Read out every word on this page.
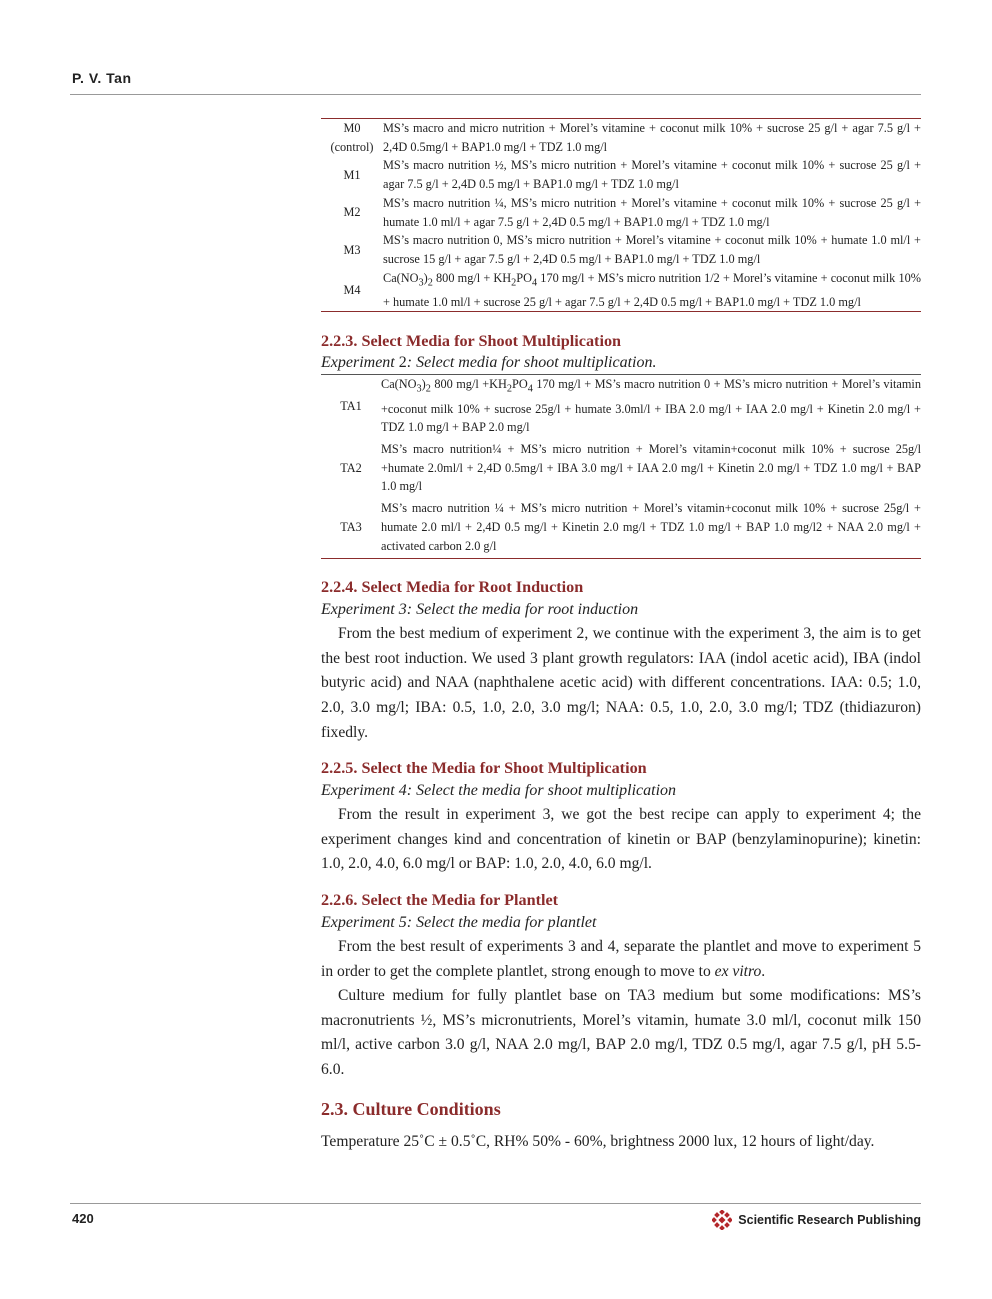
P. V. Tan
M0
(control)	MS’s macro and micro nutrition + Morel’s vitamine + coconut milk 10% + sucrose 25 g/l + agar 7.5 g/l + 2,4D 0.5mg/l + BAP1.0 mg/l + TDZ 1.0 mg/l
M1	MS’s macro nutrition ½, MS’s micro nutrition + Morel’s vitamine + coconut milk 10% + sucrose 25 g/l + agar 7.5 g/l + 2,4D 0.5 mg/l + BAP1.0 mg/l + TDZ 1.0 mg/l
M2	MS’s macro nutrition ¼, MS’s micro nutrition + Morel’s vitamine + coconut milk 10% + sucrose 25 g/l + humate 1.0 ml/l + agar 7.5 g/l + 2,4D 0.5 mg/l + BAP1.0 mg/l + TDZ 1.0 mg/l
M3	MS’s macro nutrition 0, MS’s micro nutrition + Morel’s vitamine + coconut milk 10% + humate 1.0 ml/l + sucrose 15 g/l + agar 7.5 g/l + 2,4D 0.5 mg/l + BAP1.0 mg/l + TDZ 1.0 mg/l
M4	$Ca(NO_3)_2$ 800 $mg/l + KH_2PO_4$ 170 mg/l + MS’s micro nutrition 1/2 + Morel’s vitamine + coconut milk 10% + humate 1.0 ml/l + sucrose 25 g/l + agar 7.5 g/l + 2,4D 0.5 mg/l + BAP1.0 mg/l + TDZ 1.0 mg/l
2.2.3. Select Media for Shoot Multiplication
Experiment 2: Select media for shoot multiplication.
TA1	$Ca(NO_3)_2$ 800 $mg/l +KH_2PO_4$ 170 mg/l + MS’s macro nutrition 0 + MS’s micro nutrition + Morel’s vitamin +coconut milk 10% + sucrose 25g/l + humate 3.0ml/l + IBA 2.0 mg/l + IAA 2.0 mg/l + Kinetin 2.0 mg/l + TDZ 1.0 mg/l + BAP 2.0 mg/l
TA2	MS’s macro nutrition¼ + MS’s micro nutrition + Morel’s vitamin+coconut milk 10% + sucrose 25g/l +humate 2.0ml/l + 2,4D 0.5mg/l + IBA 3.0 mg/l + IAA 2.0 mg/l + Kinetin 2.0 mg/l + TDZ 1.0 mg/l + BAP 1.0 mg/l
TA3	MS’s macro nutrition ¼ + MS’s micro nutrition + Morel’s vitamin+coconut milk 10% + sucrose 25g/l + humate 2.0 ml/l + 2,4D 0.5 mg/l + Kinetin 2.0 mg/l + TDZ 1.0 mg/l + BAP 1.0 mg/l2 + NAA 2.0 mg/l + activated carbon 2.0 g/l
2.2.4. Select Media for Root Induction
Experiment 3: Select the media for root induction

From the best medium of experiment 2, we continue with the experiment 3, the aim is to get the best root induction. We used 3 plant growth regulators: IAA (indol acetic acid), IBA (indol butyric acid) and NAA (naphthalene acetic acid) with different concentrations. IAA: 0.5; 1.0, 2.0, 3.0 mg/l; IBA: 0.5, 1.0, 2.0, 3.0 mg/l; NAA: 0.5, 1.0, 2.0, 3.0 mg/l; TDZ (thidiazuron) fixedly.

2.2.5. Select the Media for Shoot Multiplication
Experiment 4: Select the media for shoot multiplication

From the result in experiment 3, we got the best recipe can apply to experiment 4; the experiment changes kind and concentration of kinetin or BAP (benzylaminopurine); kinetin: 1.0, 2.0, 4.0, 6.0 mg/l or BAP: 1.0, 2.0, 4.0, 6.0 mg/l.

2.2.6. Select the Media for Plantlet
Experiment 5: Select the media for plantlet

From the best result of experiments 3 and 4, separate the plantlet and move to experiment 5 in order to get the complete plantlet, strong enough to move to ex vitro.

Culture medium for fully plantlet base on TA3 medium but some modifications: MS’s macronutrients ½, MS’s micronutrients, Morel’s vitamin, humate 3.0 ml/l, coconut milk 150 ml/l, active carbon 3.0 g/l, NAA 2.0 mg/l, BAP 2.0 mg/l, TDZ 0.5 mg/l, agar 7.5 g/l, pH 5.5-6.0.

2.3. Culture Conditions

Temperature 25˚C ± 0.5˚C, RH% 50% - 60%, brightness 2000 lux, 12 hours of light/day.

420	Scientific Research Publishing
